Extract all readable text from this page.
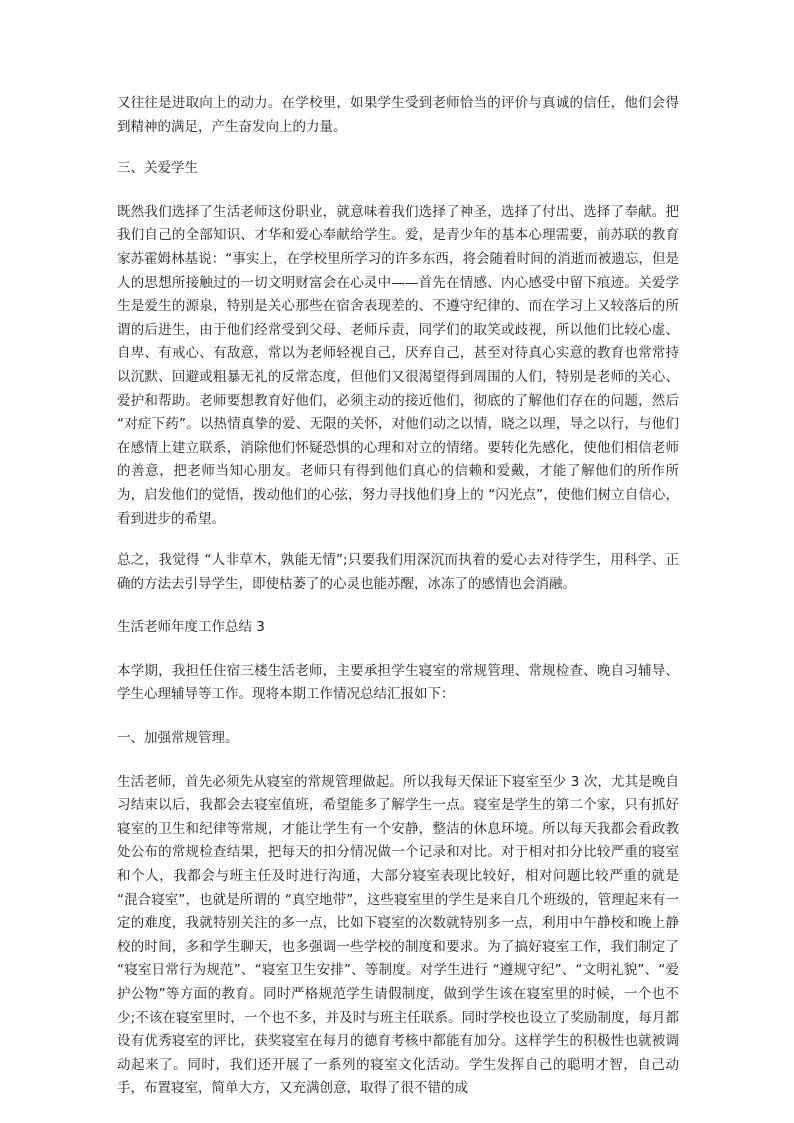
又往往是进取向上的动力。在学校里，如果学生受到老师恰当的评价与真诚的信任，他们会得到精神的满足，产生奋发向上的力量。

三、关爱学生

既然我们选择了生活老师这份职业，就意味着我们选择了神圣，选择了付出、选择了奉献。把我们自己的全部知识、才华和爱心奉献给学生。爱，是青少年的基本心理需要，前苏联的教育家苏霍姆林基说：“事实上，在学校里所学习的许多东西，将会随着时间的消逝而被遗忘，但是人的思想所接触过的一切文明财富会在心灵中——首先在情感、内心感受中留下痕迹。关爱学生是爱生的源泉，特别是关心那些在宿舍表现差的、不遵守纪律的、而在学习上又较落后的所谓的后进生，由于他们经常受到父母、老师斥责，同学们的取笑或歧视，所以他们比较心虚、自卑、有戒心、有敌意，常以为老师轻视自己，厌弃自己，甚至对待真心实意的教育也常常持以沉默、回避或粗暴无礼的反常态度，但他们又很渴望得到周围的人们，特别是老师的关心、爱护和帮助。老师要想教育好他们，必须主动的接近他们，彻底的了解他们存在的问题，然后 “对症下药”。以热情真挚的爱、无限的关怀，对他们动之以情，晓之以理，导之以行，与他们在感情上建立联系，消除他们怀疑恐惧的心理和对立的情绪。要转化先感化，使他们相信老师的善意，把老师当知心朋友。老师只有得到他们真心的信赖和爱戴，才能了解他们的所作所为，启发他们的觉悟，拨动他们的心弦，努力寻找他们身上的 “闪光点”，使他们树立自信心，看到进步的希望。

总之，我觉得 “人非草木，孰能无情”;只要我们用深沉而执着的爱心去对待学生，用科学、正确的方法去引导学生，即使枯萎了的心灵也能苏醒，冰冻了的感情也会消融。

生活老师年度工作总结 3

本学期，我担任住宿三楼生活老师，主要承担学生寝室的常规管理、常规检查、晚自习辅导、学生心理辅导等工作。现将本期工作情况总结汇报如下：

一、加强常规管理。

生活老师，首先必须先从寝室的常规管理做起。所以我每天保证下寝室至少 3 次，尤其是晚自习结束以后，我都会去寝室值班，希望能多了解学生一点。寝室是学生的第二个家，只有抓好寝室的卫生和纪律等常规，才能让学生有一个安静，整洁的休息环境。所以每天我都会看政教处公布的常规检查结果，把每天的扣分情况做一个记录和对比。对于相对扣分比较严重的寝室和个人，我都会与班主任及时进行沟通，大部分寝室表现比较好，相对问题比较严重的就是 “混合寝室”，也就是所谓的 “真空地带”，这些寝室里的学生是来自几个班级的，管理起来有一定的难度，我就特别关注的多一点，比如下寝室的次数就特别多一点，利用中午静校和晚上静校的时间，多和学生聊天，也多强调一些学校的制度和要求。为了搞好寝室工作，我们制定了 “寝室日常行为规范”、“寝室卫生安排”、等制度。对学生进行 “遵规守纪”、“文明礼貌”、“爱护公物”等方面的教育。同时严格规范学生请假制度，做到学生该在寝室里的时候，一个也不少;不该在寝室里时，一个也不多，并及时与班主任联系。同时学校也设立了奖励制度，每月都设有优秀寝室的评比，获奖寝室在每月的德育考核中都能有加分。这样学生的积极性也就被调动起来了。同时，我们还开展了一系列的寝室文化活动。学生发挥自己的聪明才智，自己动手，布置寝室，简单大方，又充满创意，取得了很不错的成
